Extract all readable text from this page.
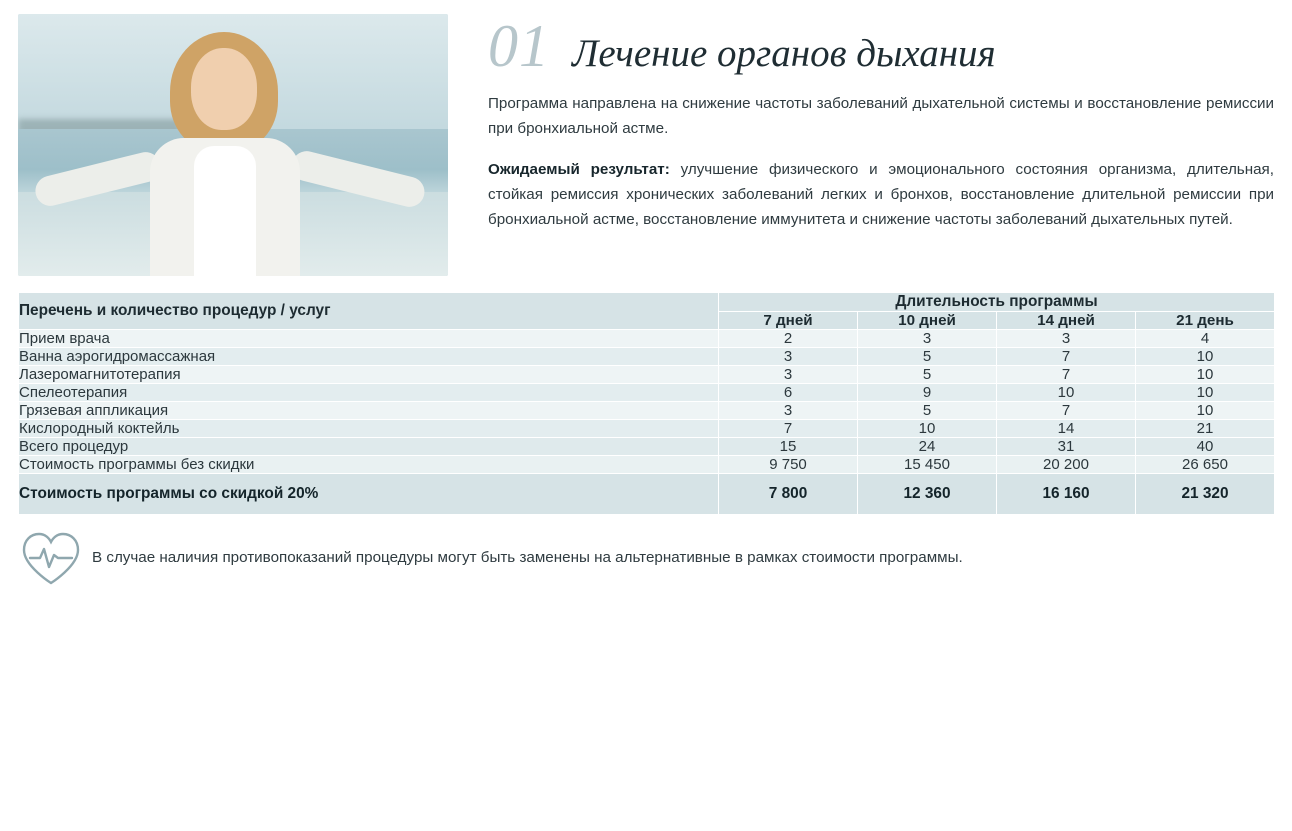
01 Лечение органов дыхания

Программа направлена на снижение частоты заболеваний дыхательной системы и восстановление ремиссии при бронхиальной астме.

Ожидаемый результат: улучшение физического и эмоционального состояния организма, длительная, стойкая ремиссия хронических заболеваний легких и бронхов, восстановление длительной ремиссии при бронхиальной астме, восстановление иммунитета и снижение частоты заболеваний дыхательных путей.

Перечень и количество процедур / услуг	Длительность программы			
	7 дней	10 дней	14 дней	21 день
Прием врача	2	3	3	4
Ванна аэрогидромассажная	3	5	7	10
Лазеромагнитотерапия	3	5	7	10
Спелеотерапия	6	9	10	10
Грязевая аппликация	3	5	7	10
Кислородный коктейль	7	10	14	21
Всего процедур	15	24	31	40
Стоимость программы без скидки	9 750	15 450	20 200	26 650
Стоимость программы со скидкой 20%	7 800	12 360	16 160	21 320
В случае наличия противопоказаний процедуры могут быть заменены на альтернативные в рамках стоимости программы.
